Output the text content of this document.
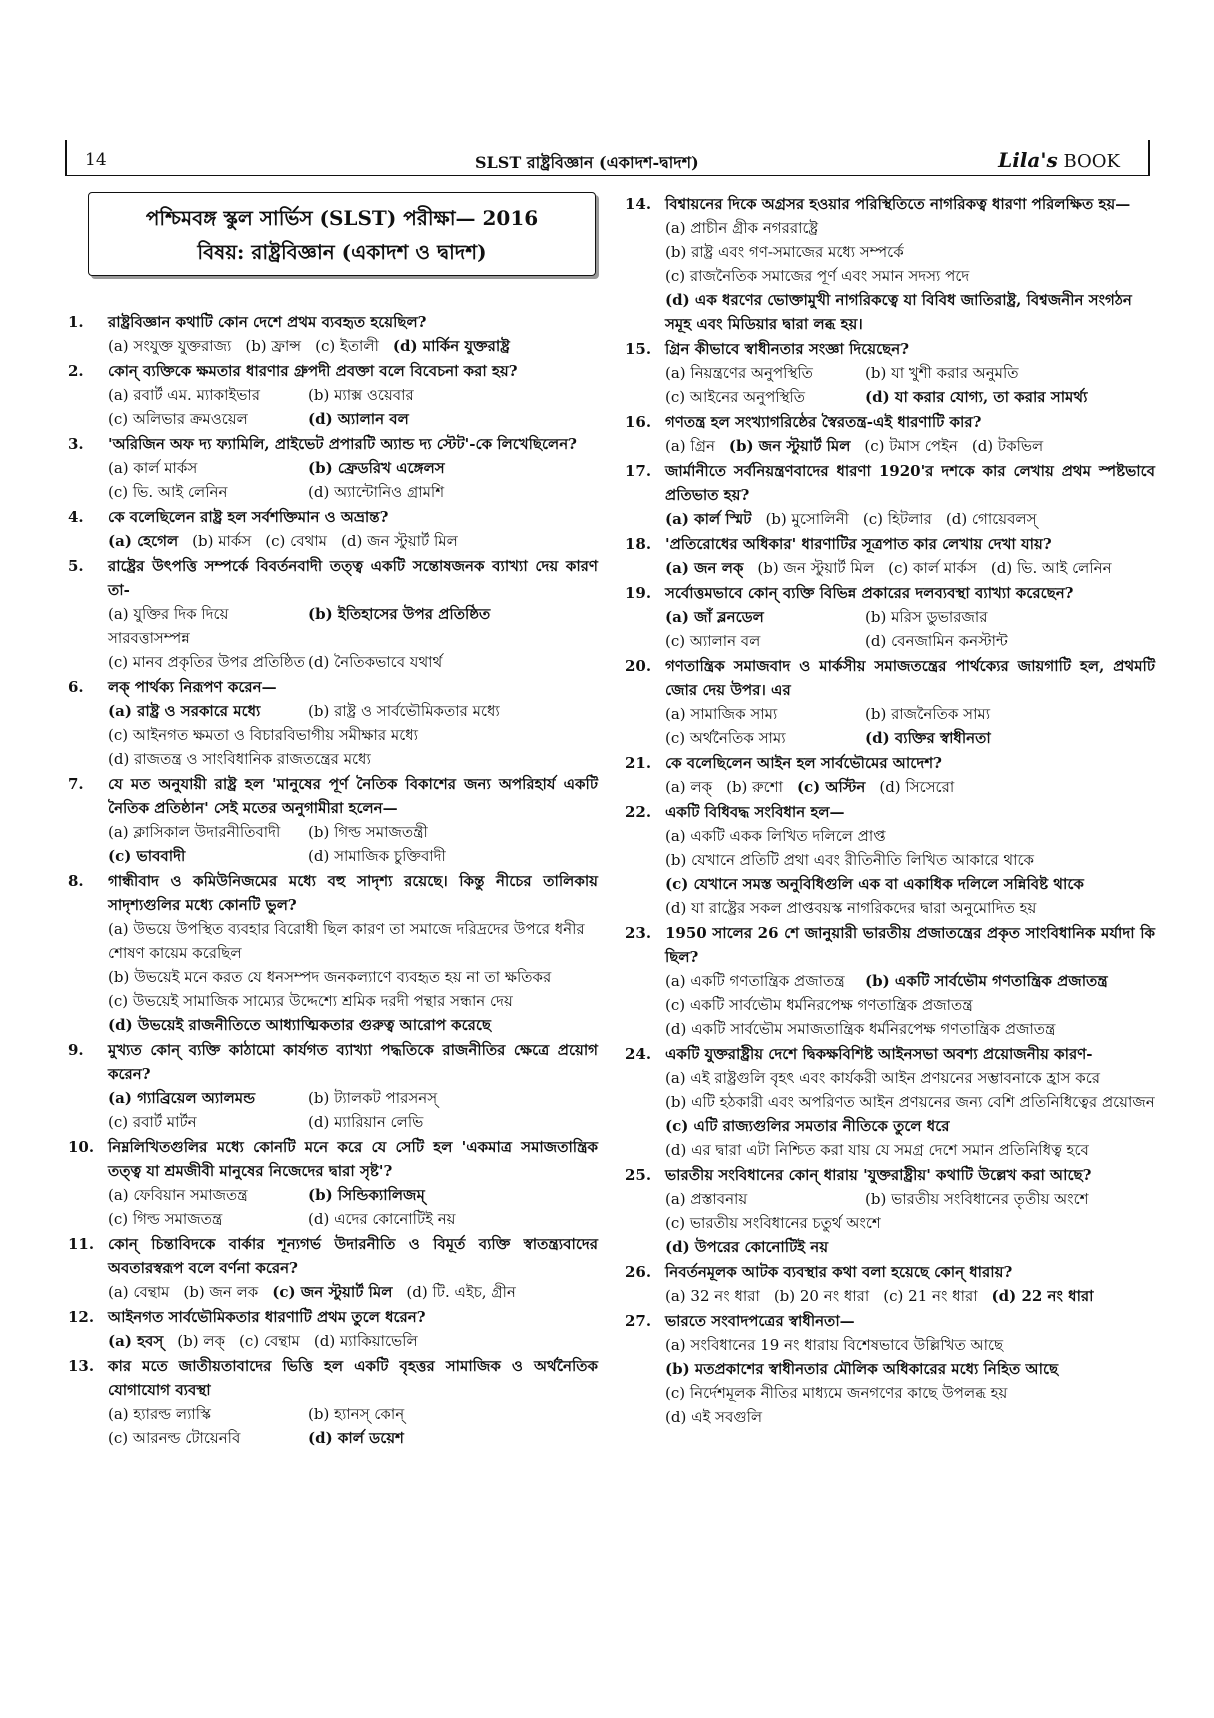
14	SLST রাষ্ট্রবিজ্ঞান (একাদশ-দ্বাদশ)	Lila's BOOK
পশ্চিমবঙ্গ স্কুল সার্ভিস (SLST) পরীক্ষা— 2016
বিষয়: রাষ্ট্রবিজ্ঞান (একাদশ ও দ্বাদশ)
1. রাষ্ট্রবিজ্ঞান কথাটি কোন দেশে প্রথম ব্যবহৃত হয়েছিল?
(a) সংযুক্ত যুক্তরাজ্য (b) ফ্রান্স (c) ইতালী (d) মার্কিন যুক্তরাষ্ট্র
2. কোন্ ব্যক্তিকে ক্ষমতার ধারণার গ্রুপদী প্রবক্তা বলে বিবেচনা করা হয়?
(a) রবার্ট এম. ম্যাকাইভার	(b) ম্যাক্স ওয়েবার
(c) অলিভার ক্রমওয়েল	(d) অ্যালান বল
3. 'অরিজিন অফ দ্য ফ্যামিলি, প্রাইভেট প্রপারটি অ্যান্ড দ্য স্টেট'-কে লিখেছিলেন?
(a) কার্ল মার্কস	(b) ফ্রেডরিখ এঙ্গেলস
(c) ভি. আই লেনিন	(d) অ্যান্টোনিও গ্রামশি
4. কে বলেছিলেন রাষ্ট্র হল সর্বশক্তিমান ও অভ্রান্ত?
(a) হেগেল (b) মার্কস (c) বেথাম (d) জন স্টুয়ার্ট মিল
5. রাষ্ট্রের উৎপত্তি সম্পর্কে বিবর্তনবাদী তত্ত্ব একটি সন্তোষজনক ব্যাখ্যা দেয় কারণ তা-
(a) যুক্তির দিক দিয়ে সারবত্তাসম্পন্ন
(b) ইতিহাসের উপর প্রতিষ্ঠিত
(c) মানব প্রকৃতির উপর প্রতিষ্ঠিত (d) নৈতিকভাবে যথার্থ
6. লক্ পার্থক্য নিরূপণ করেন—
(a) রাষ্ট্র ও সরকারে মধ্যে	(b) রাষ্ট্র ও সার্বভৌমিকতার মধ্যে
(c) আইনগত ক্ষমতা ও বিচারবিভাগীয় সমীক্ষার মধ্যে
(d) রাজতন্ত্র ও সাংবিধানিক রাজতন্ত্রের মধ্যে
7. যে মত অনুযায়ী রাষ্ট্র হল 'মানুষের পূর্ণ নৈতিক বিকাশের জন্য অপরিহার্য একটি নৈতিক প্রতিষ্ঠান' সেই মতের অনুগামীরা হলেন—
(a) ক্লাসিকাল উদারনীতিবাদী	(b) গিল্ড সমাজতন্ত্রী
(c) ভাববাদী	(d) সামাজিক চুক্তিবাদী
8. গান্ধীবাদ ও কমিউনিজমের মধ্যে বহু সাদৃশ্য রয়েছে। কিন্তু নীচের তালিকায় সাদৃশ্যগুলির মধ্যে কোনটি ভুল?
(a) উভয়ে উপস্থিত ব্যবহার বিরোধী ছিল কারণ তা সমাজে দরিদ্রদের উপরে ধনীর শোষণ কায়েম করেছিল
(b) উভয়েই মনে করত যে ধনসম্পদ জনকল্যাণে ব্যবহৃত হয় না তা ক্ষতিকর
(c) উভয়েই সামাজিক সাম্যের উদ্দেশ্যে শ্রমিক দরদী পন্থার সন্ধান দেয়
(d) উভয়েই রাজনীতিতে আধ্যাত্মিকতার গুরুত্ব আরোপ করেছে
9. মুখ্যত কোন্ ব্যক্তি কাঠামো কার্যগত ব্যাখ্যা পদ্ধতিকে রাজনীতির ক্ষেত্রে প্রয়োগ করেন?
(a) গ্যাব্রিয়েল অ্যালমন্ড	(b) ট্যালকট পারসনস্
(c) রবার্ট মার্টন	(d) ম্যারিয়ান লেভি
10. নিম্নলিখিতগুলির মধ্যে কোনটি মনে করে যে সেটি হল 'একমাত্র সমাজতান্ত্রিক তত্ত্ব যা শ্রমজীবী মানুষের নিজেদের দ্বারা সৃষ্ট'?
(a) ফেবিয়ান সমাজতন্ত্র	(b) সিন্ডিক্যালিজম্
(c) গিল্ড সমাজতন্ত্র	(d) এদের কোনোটিই নয়
11. কোন্ চিন্তাবিদকে বার্কার শূন্যগর্ভ উদারনীতি ও বিমূর্ত ব্যক্তি স্বাতন্ত্র্যবাদের অবতারস্বরূপ বলে বর্ণনা করেন?
(a) বেন্থাম (b) জন লক (c) জন স্টুয়ার্ট মিল (d) টি. এইচ, গ্রীন
12. আইনগত সার্বভৌমিকতার ধারণাটি প্রথম তুলে ধরেন?
(a) হবস্ (b) লক্ (c) বেন্থাম (d) ম্যাকিয়াভেলি
13. কার মতে জাতীয়তাবাদের ভিত্তি হল একটি বৃহত্তর সামাজিক ও অর্থনৈতিক যোগাযোগ ব্যবস্থা
(a) হ্যারল্ড ল্যাস্কি	(b) হ্যানস্ কোন্
(c) আরনল্ড টোয়েনবি	(d) কার্ল ডয়েশ
14. বিশ্বায়নের দিকে অগ্রসর হওয়ার পরিস্থিতিতে নাগরিকত্ব ধারণা পরিলক্ষিত হয়—
(a) প্রাচীন গ্রীক নগররাষ্ট্রে
(b) রাষ্ট্র এবং গণ-সমাজের মধ্যে সম্পর্কে
(c) রাজনৈতিক সমাজের পূর্ণ এবং সমান সদস্য পদে
(d) এক ধরণের ভোক্তামুখী নাগরিকত্বে যা বিবিধ জাতিরাষ্ট্র, বিশ্বজনীন সংগঠন সমূহ এবং মিডিয়ার দ্বারা লব্ধ হয়।
15. গ্রিন কীভাবে স্বাধীনতার সংজ্ঞা দিয়েছেন?
(a) নিয়ন্ত্রণের অনুপস্থিতি	(b) যা খুশী করার অনুমতি
(c) আইনের অনুপস্থিতি	(d) যা করার যোগ্য, তা করার সামর্থ্য
16. গণতন্ত্র হল সংখ্যাগরিষ্ঠের স্বৈরতন্ত্র-এই ধারণাটি কার?
(a) গ্রিন (b) জন স্টুয়ার্ট মিল (c) টমাস পেইন (d) টকভিল
17. জার্মানীতে সর্বনিয়ন্ত্রণবাদের ধারণা 1920'র দশকে কার লেখায় প্রথম স্পষ্টভাবে প্রতিভাত হয়?
(a) কার্ল স্মিট (b) মুসোলিনী (c) হিটলার (d) গোয়েবলস্
18. 'প্রতিরোধের অধিকার' ধারণাটির সূত্রপাত কার লেখায় দেখা যায়?
(a) জন লক্ (b) জন স্টুয়ার্ট মিল (c) কার্ল মার্কস (d) ভি. আই লেনিন
19. সর্বোত্তমভাবে কোন্ ব্যক্তি বিভিন্ন প্রকারের দলব্যবস্থা ব্যাখ্যা করেছেন?
(a) জাঁ ব্লনডেল	(b) মরিস ডুভারজার
(c) অ্যালান বল	(d) বেনজামিন কনস্টান্ট
20. গণতান্ত্রিক সমাজবাদ ও মার্কসীয় সমাজতন্ত্রের পার্থক্যের জায়গাটি হল, প্রথমটি জোর দেয় উপর। এর
(a) সামাজিক সাম্য	(b) রাজনৈতিক সাম্য
(c) অর্থনৈতিক সাম্য	(d) ব্যক্তির স্বাধীনতা
21. কে বলেছিলেন আইন হল সার্বভৌমের আদেশ?
(a) লক্ (b) রুশো (c) অস্টিন (d) সিসেরো
22. একটি বিধিবদ্ধ সংবিধান হল—
(a) একটি একক লিখিত দলিলে প্রাপ্ত
(b) যেখানে প্রতিটি প্রথা এবং রীতিনীতি লিখিত আকারে থাকে
(c) যেখানে সমস্ত অনুবিধিগুলি এক বা একাধিক দলিলে সন্নিবিষ্ট থাকে
(d) যা রাষ্ট্রের সকল প্রাপ্তবয়স্ক নাগরিকদের দ্বারা অনুমোদিত হয়
23. 1950 সালের 26 শে জানুয়ারী ভারতীয় প্রজাতন্ত্রের প্রকৃত সাংবিধানিক মর্যাদা কি ছিল?
(a) একটি গণতান্ত্রিক প্রজাতন্ত্র	(b) একটি সার্বভৌম গণতান্ত্রিক প্রজাতন্ত্র
(c) একটি সার্বভৌম ধর্মনিরপেক্ষ গণতান্ত্রিক প্রজাতন্ত্র
(d) একটি সার্বভৌম সমাজতান্ত্রিক ধর্মনিরপেক্ষ গণতান্ত্রিক প্রজাতন্ত্র
24. একটি যুক্তরাষ্ট্রীয় দেশে দ্বিকক্ষবিশিষ্ট আইনসভা অবশ্য প্রয়োজনীয় কারণ-
(a) এই রাষ্ট্রগুলি বৃহৎ এবং কার্যকরী আইন প্রণয়নের সম্ভাবনাকে হ্রাস করে
(b) এটি হঠকারী এবং অপরিণত আইন প্রণয়নের জন্য বেশি প্রতিনিধিত্বের প্রয়োজন
(c) এটি রাজ্যগুলির সমতার নীতিকে তুলে ধরে
(d) এর দ্বারা এটা নিশ্চিত করা যায় যে সমগ্র দেশে সমান প্রতিনিধিত্ব হবে
25. ভারতীয় সংবিধানের কোন্ ধারায় 'যুক্তরাষ্ট্রীয়' কথাটি উল্লেখ করা আছে?
(a) প্রস্তাবনায়	(b) ভারতীয় সংবিধানের তৃতীয় অংশে
(c) ভারতীয় সংবিধানের চতুর্থ অংশে
(d) উপরের কোনোটিই নয়
26. নিবর্তনমূলক আটক ব্যবস্থার কথা বলা হয়েছে কোন্ ধারায়?
(a) 32 নং ধারা (b) 20 নং ধারা (c) 21 নং ধারা (d) 22 নং ধারা
27. ভারতে সংবাদপত্রের স্বাধীনতা—
(a) সংবিধানের 19 নং ধারায় বিশেষভাবে উল্লিখিত আছে
(b) মতপ্রকাশের স্বাধীনতার মৌলিক অধিকারের মধ্যে নিহিত আছে
(c) নির্দেশমূলক নীতির মাধ্যমে জনগণের কাছে উপলব্ধ হয়
(d) এই সবগুলি
